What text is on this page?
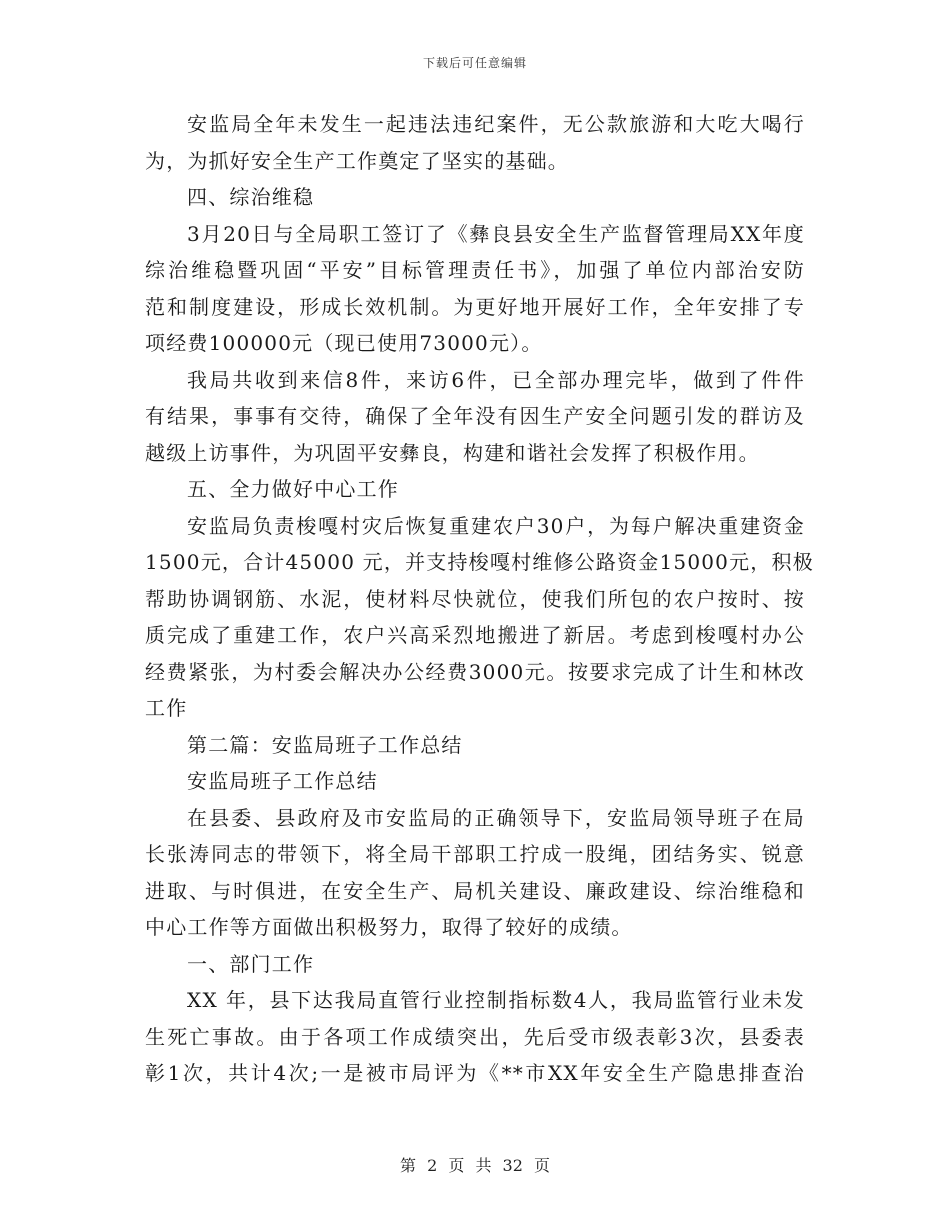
下载后可任意编辑
安监局全年未发生一起违法违纪案件，无公款旅游和大吃大喝行
为，为抓好安全生产工作奠定了坚实的基础。
四、综治维稳
3月20日与全局职工签订了《彝良县安全生产监督管理局XX年度
综治维稳暨巩固“平安”目标管理责任书》，加强了单位内部治安防
范和制度建设，形成长效机制。为更好地开展好工作，全年安排了专
项经费100000元（现已使用73000元）。
我局共收到来信8件，来访6件，已全部办理完毕，做到了件件
有结果，事事有交待，确保了全年没有因生产安全问题引发的群访及
越级上访事件，为巩固平安彝良，构建和谐社会发挥了积极作用。
五、全力做好中心工作
安监局负责梭嘎村灾后恢复重建农户30户，为每户解决重建资金
1500元，合计45000 元，并支持梭嘎村维修公路资金15000元，积极
帮助协调钢筋、水泥，使材料尽快就位，使我们所包的农户按时、按
质完成了重建工作，农户兴高采烈地搬进了新居。考虑到梭嘎村办公
经费紧张，为村委会解决办公经费3000元。按要求完成了计生和林改
工作
第二篇：安监局班子工作总结
安监局班子工作总结
在县委、县政府及市安监局的正确领导下，安监局领导班子在局
长张涛同志的带领下，将全局干部职工拧成一股绳，团结务实、锐意
进取、与时俱进，在安全生产、局机关建设、廉政建设、综治维稳和
中心工作等方面做出积极努力，取得了较好的成绩。
一、部门工作
XX 年，县下达我局直管行业控制指标数4人，我局监管行业未发
生死亡事故。由于各项工作成绩突出，先后受市级表彰3次，县委表
彰1次，共计4次;一是被市局评为《**市XX年安全生产隐患排查治
第 2 页 共 32 页
